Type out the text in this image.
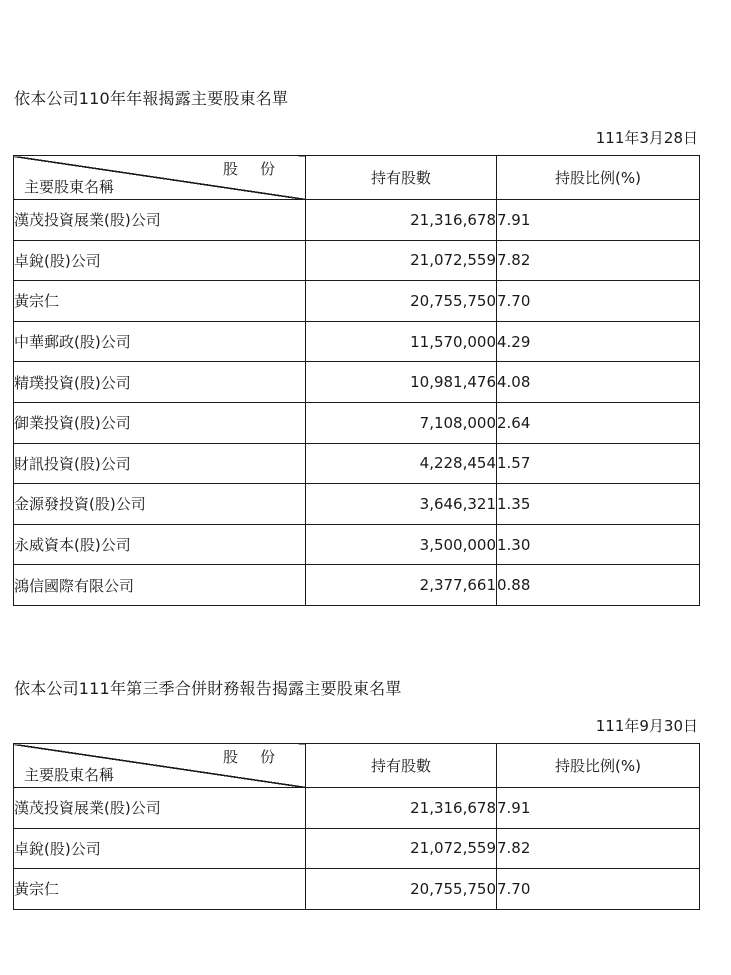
依本公司110年年報揭露主要股東名單
111年3月28日
股份
主要股東名稱	持有股數	持股比例(%)
漢茂投資展業(股)公司	21,316,678	7.91
卓銳(股)公司	21,072,559	7.82
黃宗仁	20,755,750	7.70
中華郵政(股)公司	11,570,000	4.29
精璞投資(股)公司	10,981,476	4.08
御業投資(股)公司	7,108,000	2.64
財訊投資(股)公司	4,228,454	1.57
金源發投資(股)公司	3,646,321	1.35
永威資本(股)公司	3,500,000	1.30
鴻信國際有限公司	2,377,661	0.88
依本公司111年第三季合併財務報告揭露主要股東名單
111年9月30日
股份
主要股東名稱	持有股數	持股比例(%)
漢茂投資展業(股)公司	21,316,678	7.91
卓銳(股)公司	21,072,559	7.82
黃宗仁	20,755,750	7.70
